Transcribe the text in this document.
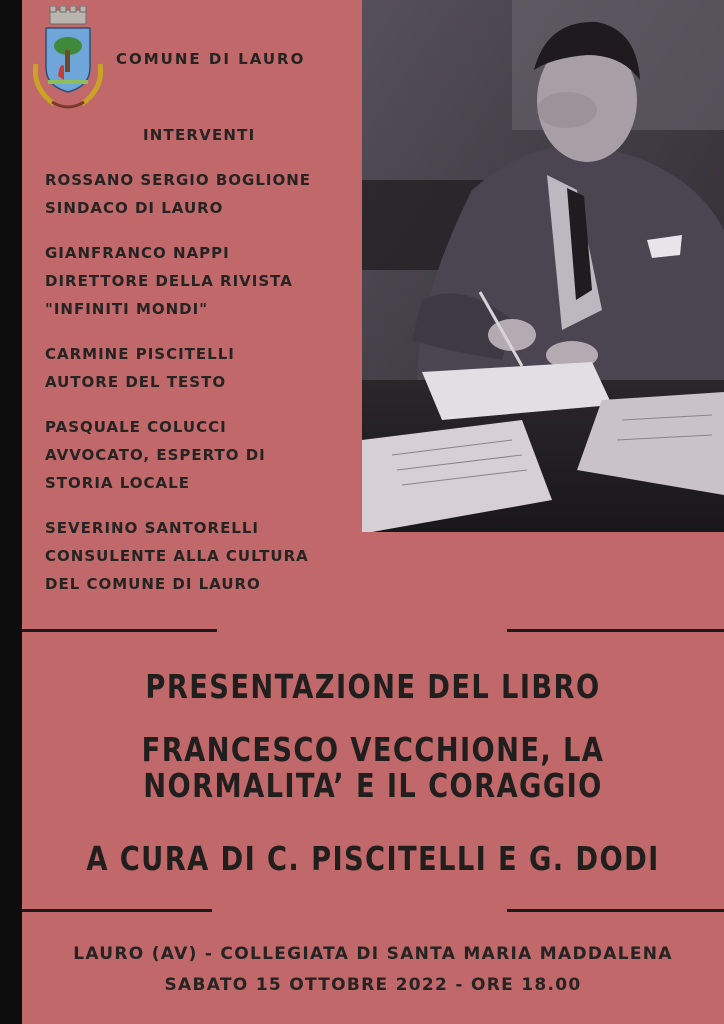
COMUNE DI LAURO
INTERVENTI
ROSSANO SERGIO BOGLIONE
SINDACO DI LAURO
GIANFRANCO NAPPI
DIRETTORE DELLA RIVISTA
"INFINITI MONDI"
CARMINE PISCITELLI
AUTORE DEL TESTO
PASQUALE COLUCCI
AVVOCATO, ESPERTO DI
STORIA LOCALE
SEVERINO SANTORELLI
CONSULENTE ALLA CULTURA
DEL COMUNE DI LAURO
PRESENTAZIONE DEL LIBRO
FRANCESCO VECCHIONE, LA
NORMALITA’ E IL CORAGGIO
A CURA DI C. PISCITELLI E G. DODI
LAURO (AV) - COLLEGIATA DI SANTA MARIA MADDALENA
SABATO 15 OTTOBRE 2022 - ORE 18.00
